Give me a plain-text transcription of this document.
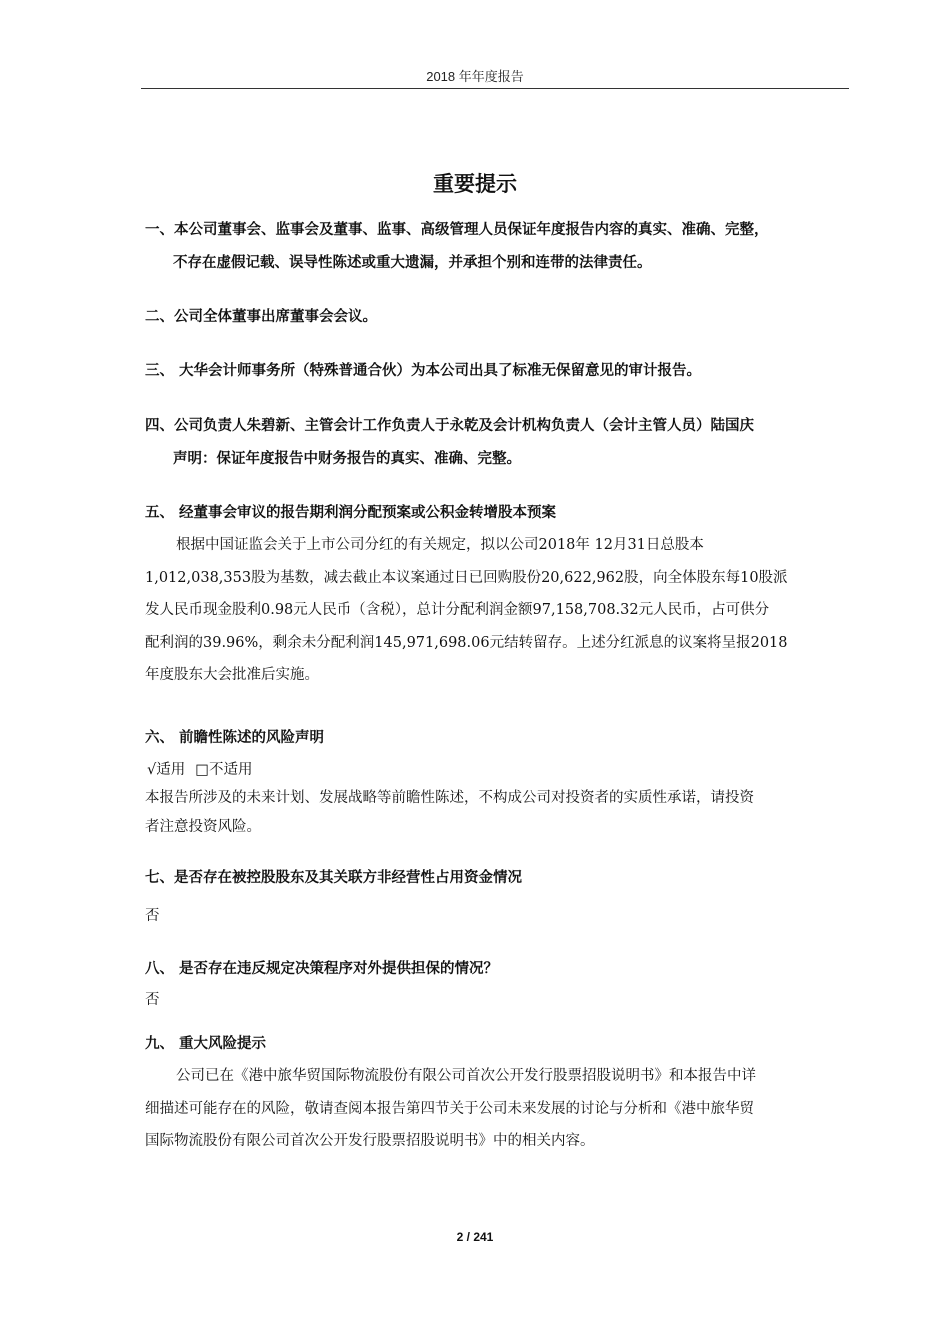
2018 年年度报告
重要提示
一、本公司董事会、监事会及董事、监事、高级管理人员保证年度报告内容的真实、准确、完整，
不存在虚假记载、误导性陈述或重大遗漏，并承担个别和连带的法律责任。
二、公司全体董事出席董事会会议。
三、 大华会计师事务所（特殊普通合伙）为本公司出具了标准无保留意见的审计报告。
四、公司负责人朱碧新、主管会计工作负责人于永乾及会计机构负责人（会计主管人员）陆国庆
声明：保证年度报告中财务报告的真实、准确、完整。
五、 经董事会审议的报告期利润分配预案或公积金转增股本预案
根据中国证监会关于上市公司分红的有关规定，拟以公司2018年 12月31日总股本
1,012,038,353股为基数，减去截止本议案通过日已回购股份20,622,962股，向全体股东每10股派
发人民币现金股利0.98元人民币（含税），总计分配利润金额97,158,708.32元人民币，占可供分
配利润的39.96%，剩余未分配利润145,971,698.06元结转留存。上述分红派息的议案将呈报2018
年度股东大会批准后实施。
六、 前瞻性陈述的风险声明
√适用 □不适用
本报告所涉及的未来计划、发展战略等前瞻性陈述，不构成公司对投资者的实质性承诺，请投资
者注意投资风险。
七、是否存在被控股股东及其关联方非经营性占用资金情况
否
八、 是否存在违反规定决策程序对外提供担保的情况？
否
九、 重大风险提示
公司已在《港中旅华贸国际物流股份有限公司首次公开发行股票招股说明书》和本报告中详
细描述可能存在的风险，敬请查阅本报告第四节关于公司未来发展的讨论与分析和《港中旅华贸
国际物流股份有限公司首次公开发行股票招股说明书》中的相关内容。
2 / 241
